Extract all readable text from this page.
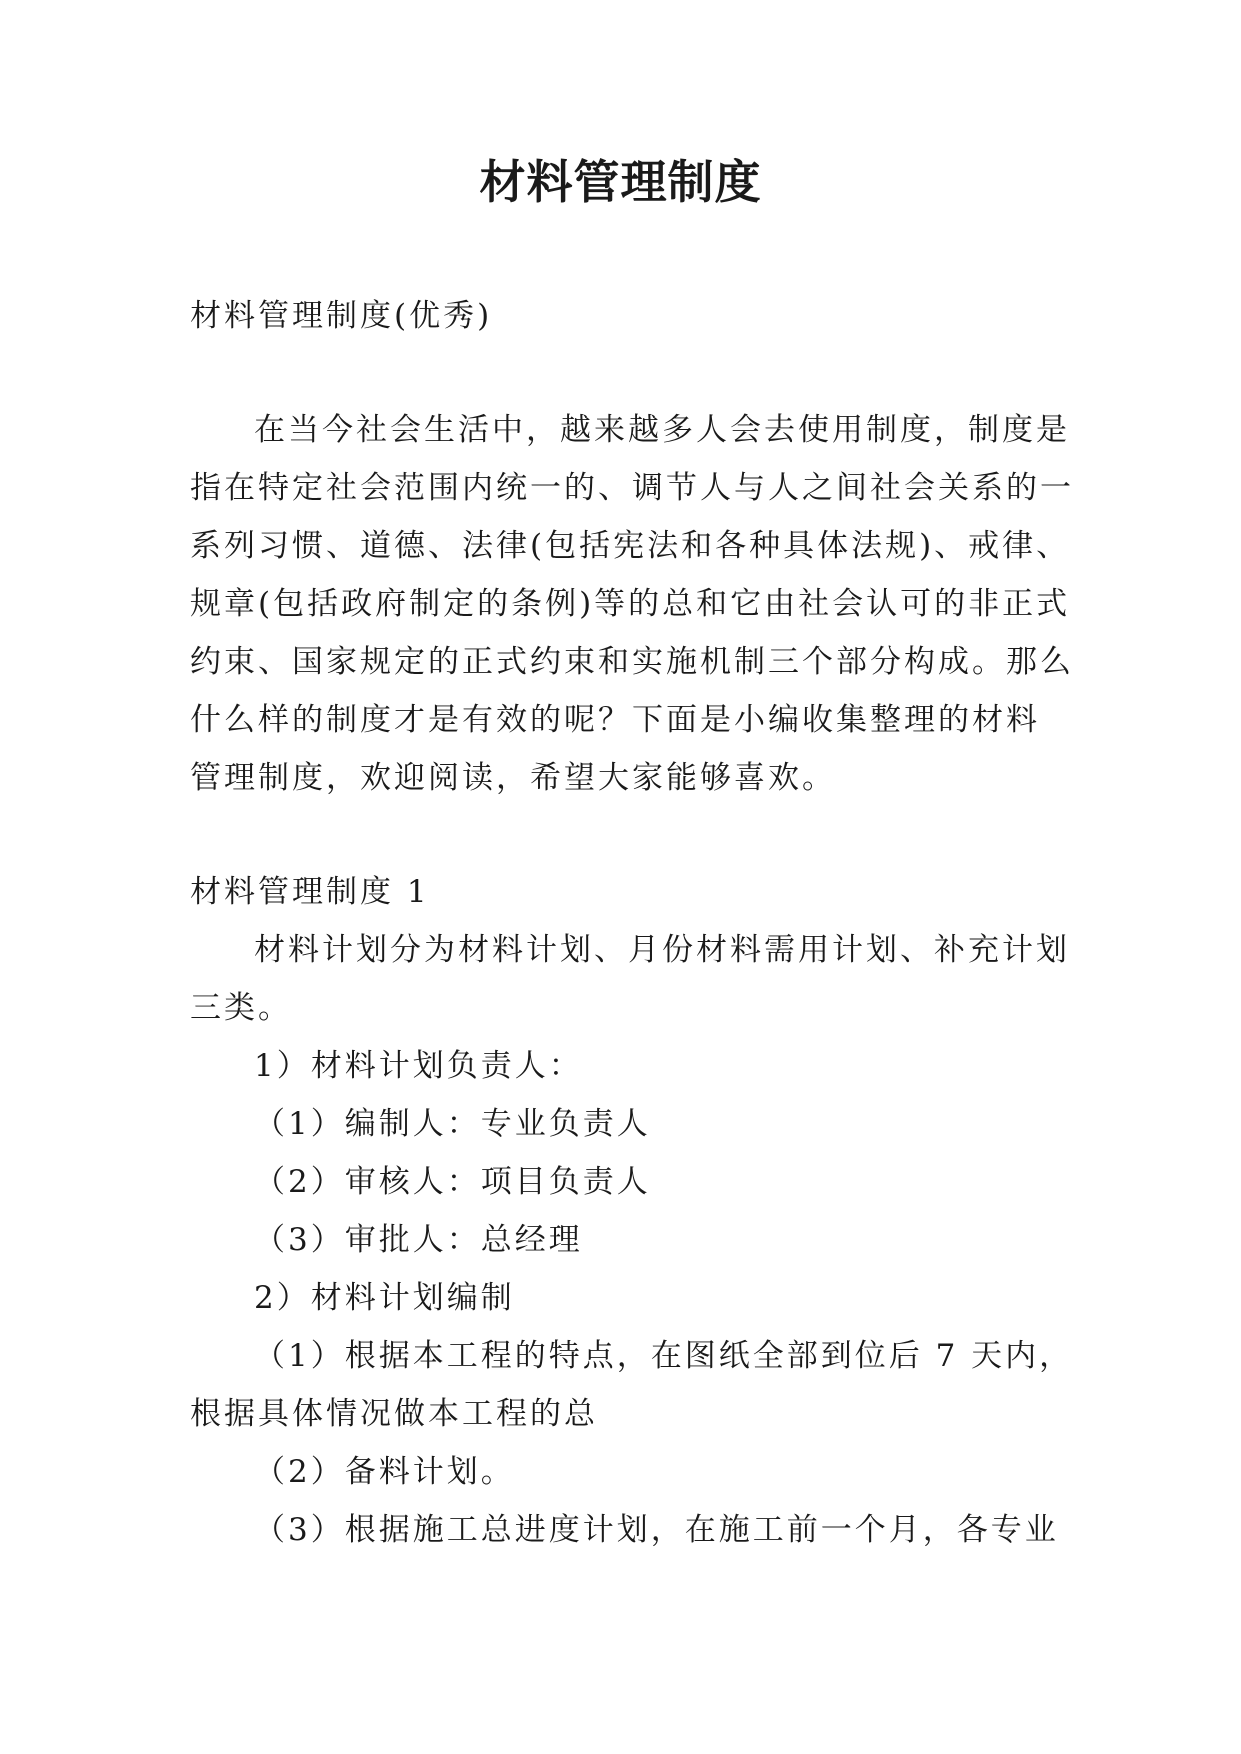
材料管理制度
材料管理制度(优秀)
在当今社会生活中，越来越多人会去使用制度，制度是
指在特定社会范围内统一的、调节人与人之间社会关系的一
系列习惯、道德、法律(包括宪法和各种具体法规)、戒律、
规章(包括政府制定的条例)等的总和它由社会认可的非正式
约束、国家规定的正式约束和实施机制三个部分构成。那么
什么样的制度才是有效的呢？下面是小编收集整理的材料
管理制度，欢迎阅读，希望大家能够喜欢。
材料管理制度 1
材料计划分为材料计划、月份材料需用计划、补充计划
三类。
1）材料计划负责人：
（1）编制人：专业负责人
（2）审核人：项目负责人
（3）审批人：总经理
2）材料计划编制
（1）根据本工程的特点，在图纸全部到位后 7 天内，
根据具体情况做本工程的总
（2）备料计划。
（3）根据施工总进度计划，在施工前一个月，各专业
